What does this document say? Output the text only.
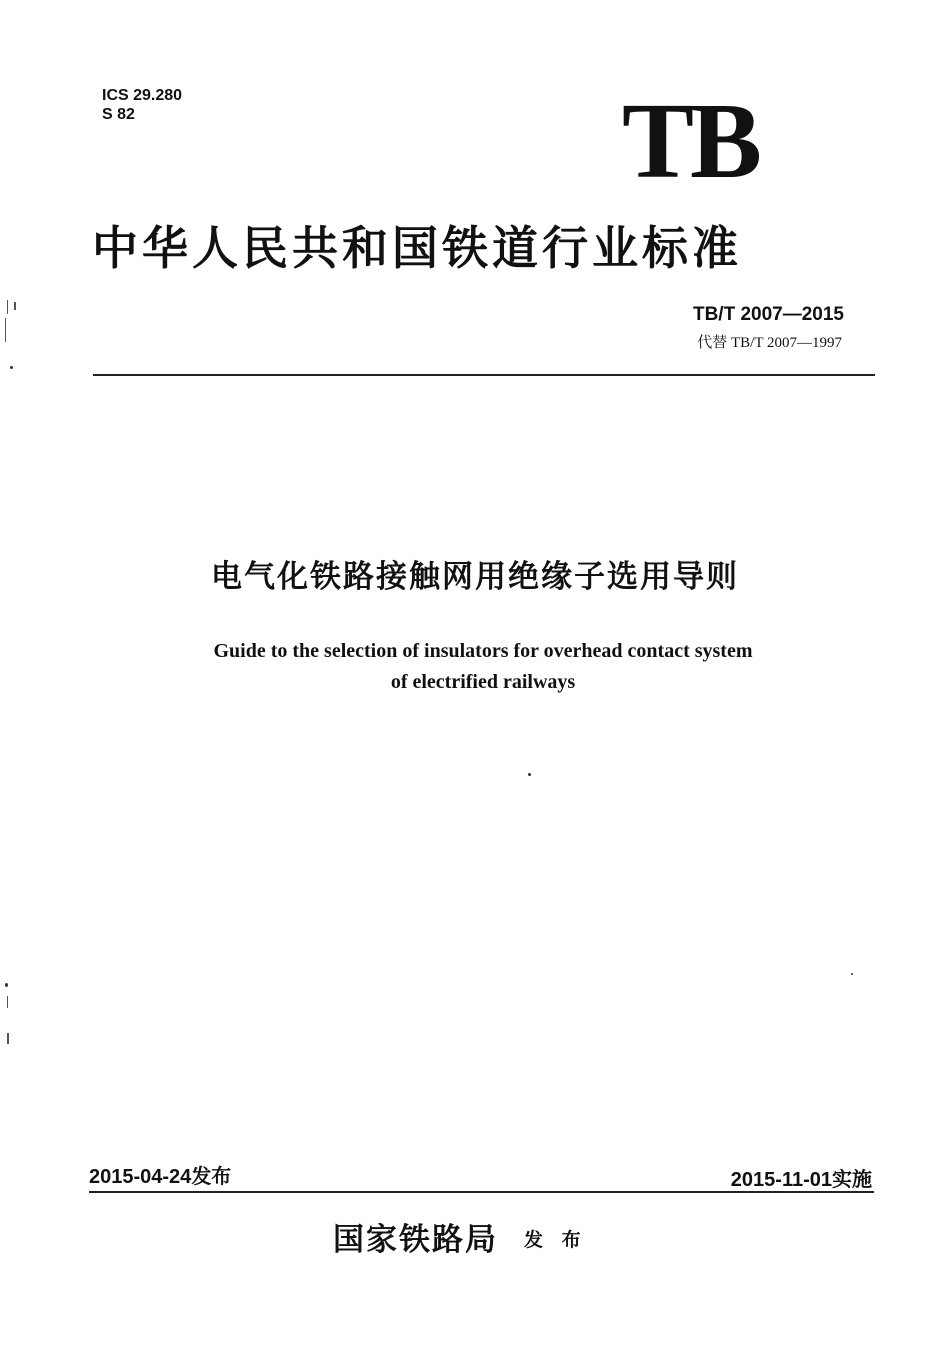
ICS 29.280
S 82	TB
中华人民共和国铁道行业标准
TB/T 2007—2015
代替 TB/T 2007—1997
电气化铁路接触网用绝缘子选用导则
Guide to the selection of insulators for overhead contact system
of electrified railways
2015-04-24发布	2015-11-01实施
国家铁路局 发 布
